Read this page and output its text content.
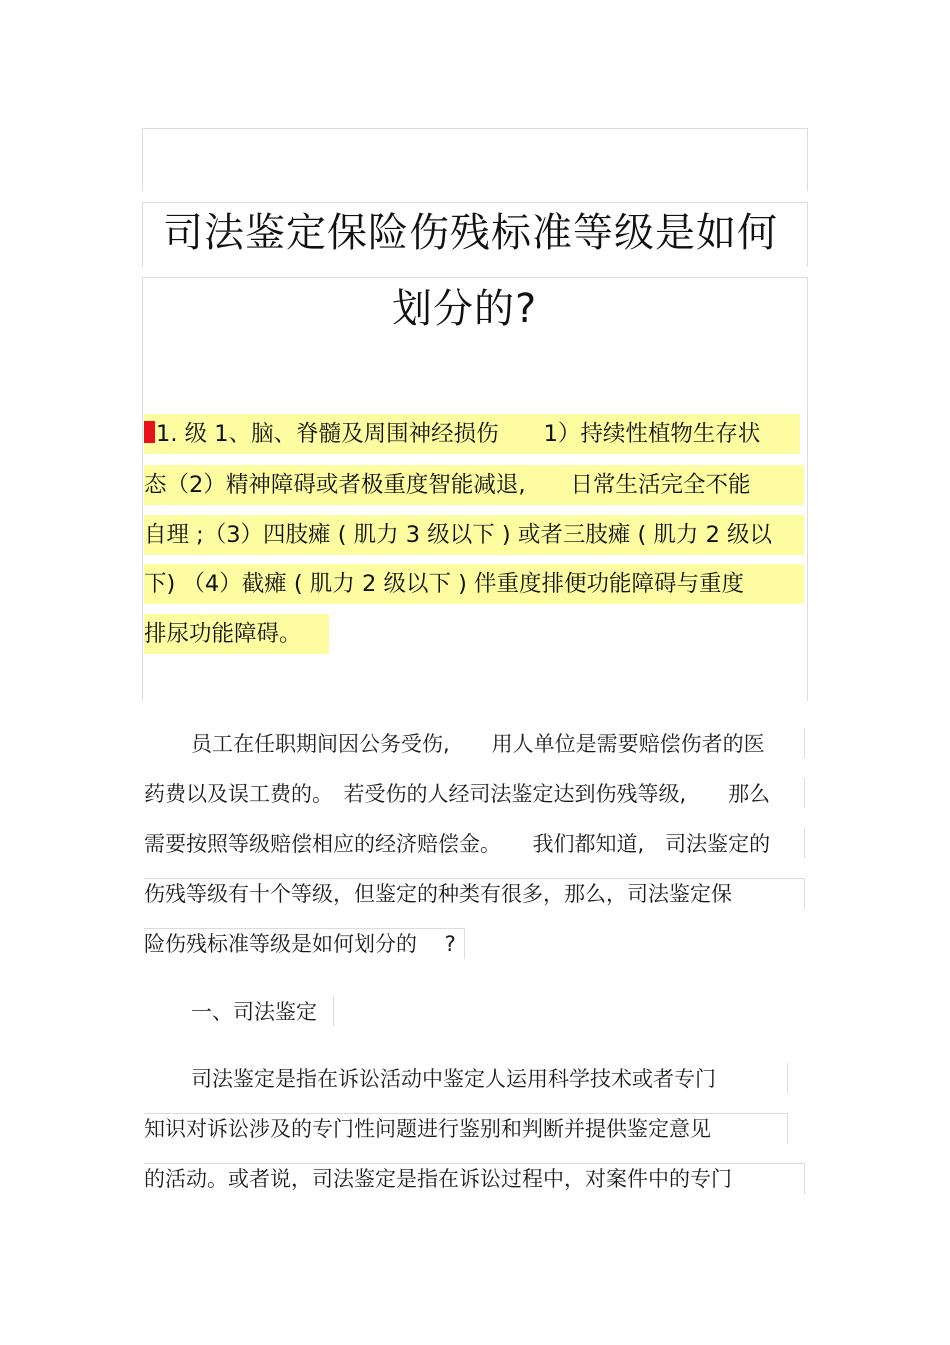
司法鉴定保险伤残标准等级是如何
划分的?
1. 级 1、脑、脊髓及周围神经损伤　　1）持续性植物生存状
态（2）精神障碍或者极重度智能减退,　　日常生活完全不能
自理 ;（3）四肢瘫 ( 肌力 3 级以下 ) 或者三肢瘫 ( 肌力 2 级以
下) （4）截瘫 ( 肌力 2 级以下 ) 伴重度排便功能障碍与重度
排尿功能障碍。
员工在任职期间因公务受伤,　　用人单位是需要赔偿伤者的医
药费以及误工费的。　若受伤的人经司法鉴定达到伤残等级,　　那么
需要按照等级赔偿相应的经济赔偿金。　　我们都知道,　司法鉴定的
伤残等级有十个等级，但鉴定的种类有很多，那么，司法鉴定保
险伤残标准等级是如何划分的　 ?
一、司法鉴定
司法鉴定是指在诉讼活动中鉴定人运用科学技术或者专门
知识对诉讼涉及的专门性问题进行鉴别和判断并提供鉴定意见
的活动。或者说，司法鉴定是指在诉讼过程中，对案件中的专门
